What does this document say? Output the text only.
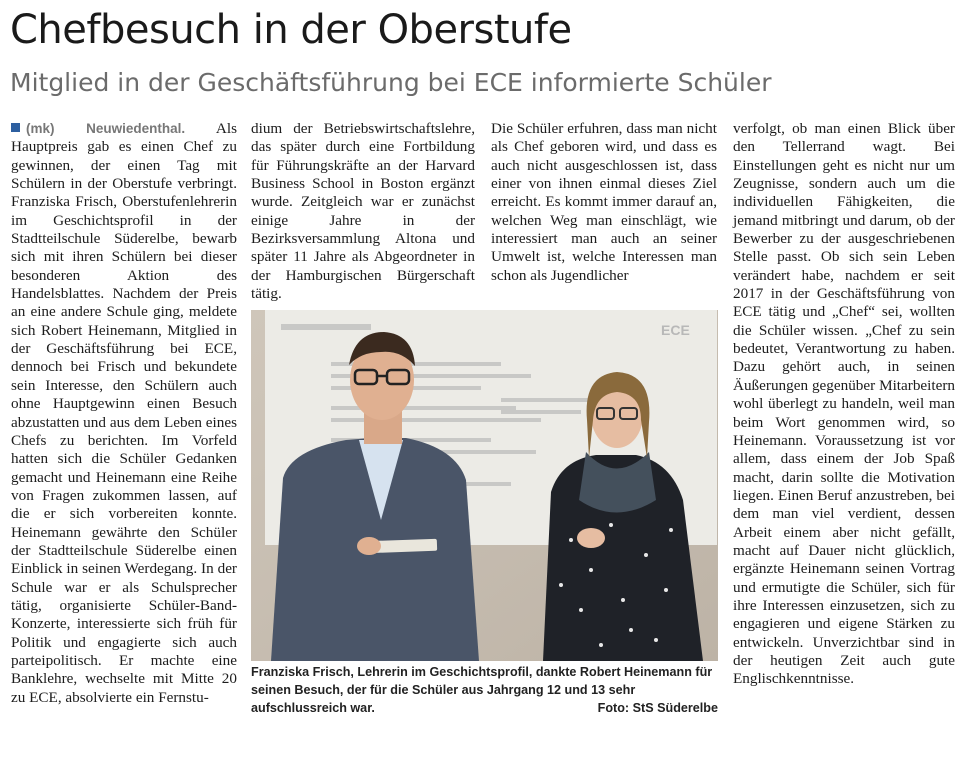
Chefbesuch in der Oberstufe
Mitglied in der Geschäftsführung bei ECE informierte Schüler

(mk) Neuwiedenthal. Als Hauptpreis gab es einen Chef zu gewinnen, der einen Tag mit Schülern in der Oberstufe verbringt. Franziska Frisch, Oberstufenlehrerin im Geschichtsprofil in der Stadtteilschule Süderelbe, bewarb sich mit ihren Schülern bei dieser besonderen Aktion des Handelsblattes. Nachdem der Preis an eine andere Schule ging, meldete sich Robert Heinemann, Mitglied in der Geschäftsführung bei ECE, dennoch bei Frisch und bekundete sein Interesse, den Schülern auch ohne Hauptgewinn einen Besuch abzustatten und aus dem Leben eines Chefs zu berichten. Im Vorfeld hatten sich die Schüler Gedanken gemacht und Heinemann eine Reihe von Fragen zukommen lassen, auf die er sich vorbereiten konnte. Heinemann gewährte den Schüler der Stadtteilschule Süderelbe einen Einblick in seinen Werdegang. In der Schule war er als Schulsprecher tätig, organisierte Schüler-Band-Konzerte, interessierte sich früh für Politik und engagierte sich auch parteipolitisch. Er machte eine Banklehre, wechselte mit Mitte 20 zu ECE, absolvierte ein Fernstu-

dium der Betriebswirtschaftslehre, das später durch eine Fortbildung für Führungskräfte an der Harvard Business School in Boston ergänzt wurde. Zeitgleich war er zunächst einige Jahre in der Bezirksversammlung Altona und später 11 Jahre als Abgeordneter in der Hamburgischen Bürgerschaft tätig.

Die Schüler erfuhren, dass man nicht als Chef geboren wird, und dass es auch nicht ausgeschlossen ist, dass einer von ihnen einmal dieses Ziel erreicht. Es kommt immer darauf an, welchen Weg man einschlägt, wie interessiert man auch an seiner Umwelt ist, welche Interessen man schon als Jugendlicher

verfolgt, ob man einen Blick über den Tellerrand wagt. Bei Einstellungen geht es nicht nur um Zeugnisse, sondern auch um die individuellen Fähigkeiten, die jemand mitbringt und darum, ob der Bewerber zu der ausgeschriebenen Stelle passt. Ob sich sein Leben verändert habe, nachdem er seit 2017 in der Geschäftsführung von ECE tätig und „Chef“ sei, wollten die Schüler wissen. „Chef zu sein bedeutet, Verantwortung zu haben. Dazu gehört auch, in seinen Äußerungen gegenüber Mitarbeitern wohl überlegt zu handeln, weil man beim Wort genommen wird, so Heinemann. Voraussetzung ist vor allem, dass einem der Job Spaß macht, darin sollte die Motivation liegen. Einen Beruf anzustreben, bei dem man viel verdient, dessen Arbeit einem aber nicht gefällt, macht auf Dauer nicht glücklich, ergänzte Heinemann seinen Vortrag und ermutigte die Schüler, sich für ihre Interessen einzusetzen, sich zu engagieren und eigene Stärken zu entwickeln. Unverzichtbar sind in der heutigen Zeit auch gute Englischkenntnisse.

ECE
Franziska Frisch, Lehrerin im Geschichtsprofil, dankte Robert Heinemann für seinen Besuch, der für die Schüler aus Jahrgang 12 und 13 sehr aufschlussreich war.	Foto: StS Süderelbe
